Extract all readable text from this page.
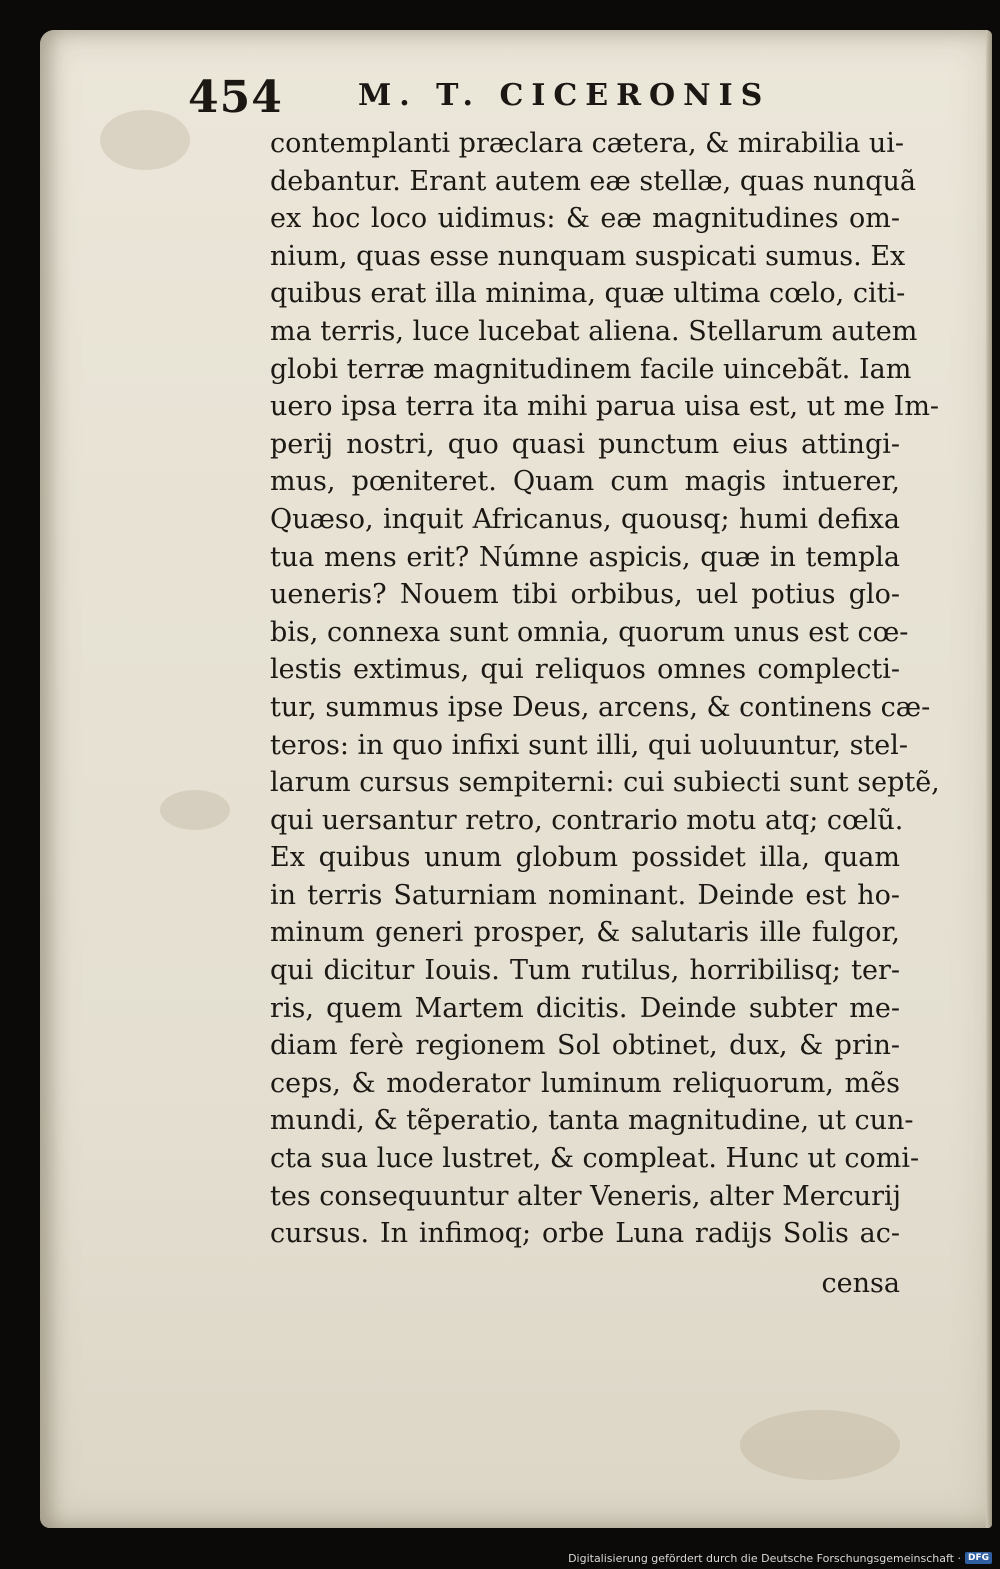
454	M. T. CICERONIS
contemplanti præclara cætera, & mirabilia ui-
debantur. Erant autem eæ stellæ, quas nunquã
ex hoc loco uidimus: & eæ magnitudines om-
nium, quas esse nunquam suspicati sumus. Ex
quibus erat illa minima, quæ ultima cœlo, citi-
ma terris, luce lucebat aliena. Stellarum autem
globi terræ magnitudinem facile uincebãt. Iam
uero ipsa terra ita mihi parua uisa est, ut me Im-
perij nostri, quo quasi punctum eius attingi-
mus, pœniteret. Quam cum magis intuerer,
Quæso, inquit Africanus, quousq; humi defixa
tua mens erit? Númne aspicis, quæ in templa
ueneris? Nouem tibi orbibus, uel potius glo-
bis, connexa sunt omnia, quorum unus est cœ-
lestis extimus, qui reliquos omnes complecti-
tur, summus ipse Deus, arcens, & continens cæ-
teros: in quo infixi sunt illi, qui uoluuntur, stel-
larum cursus sempiterni: cui subiecti sunt septẽ,
qui uersantur retro, contrario motu atq; cœlũ.
Ex quibus unum globum possidet illa, quam
in terris Saturniam nominant. Deinde est ho-
minum generi prosper, & salutaris ille fulgor,
qui dicitur Iouis. Tum rutilus, horribilisq; ter-
ris, quem Martem dicitis. Deinde subter me-
diam ferè regionem Sol obtinet, dux, & prin-
ceps, & moderator luminum reliquorum, mẽs
mundi, & tẽperatio, tanta magnitudine, ut cun-
cta sua luce lustret, & compleat. Hunc ut comi-
tes consequuntur alter Veneris, alter Mercurij
cursus. In infimoq; orbe Luna radijs Solis ac-
censa
Digitalisierung gefördert durch die Deutsche Forschungsgemeinschaft · DFG
